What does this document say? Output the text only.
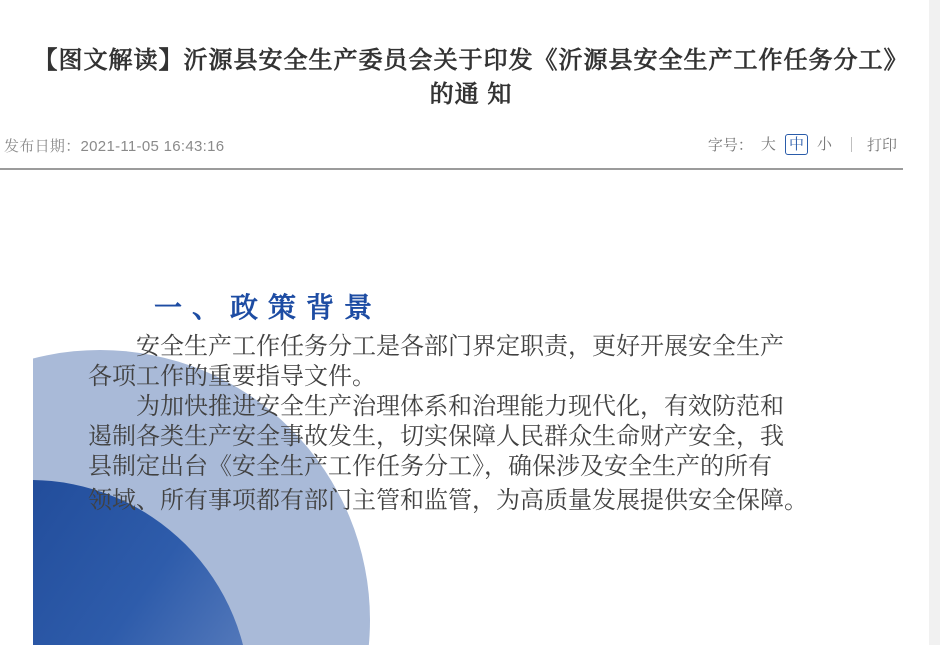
【图文解读】沂源县安全生产委员会关于印发《沂源县安全生产工作任务分工》
的通 知
发布日期：2021-11-05 16:43:16	字号： 大 中 小 ｜ 打印
一、政策背景
安全生产工作任务分工是各部门界定职责，更好开展安全生产
各项工作的重要指导文件。
为加快推进安全生产治理体系和治理能力现代化，有效防范和
遏制各类生产安全事故发生，切实保障人民群众生命财产安全，我
县制定出台《安全生产工作任务分工》，确保涉及安全生产的所有
领域、所有事项都有部门主管和监管，为高质量发展提供安全保障。
